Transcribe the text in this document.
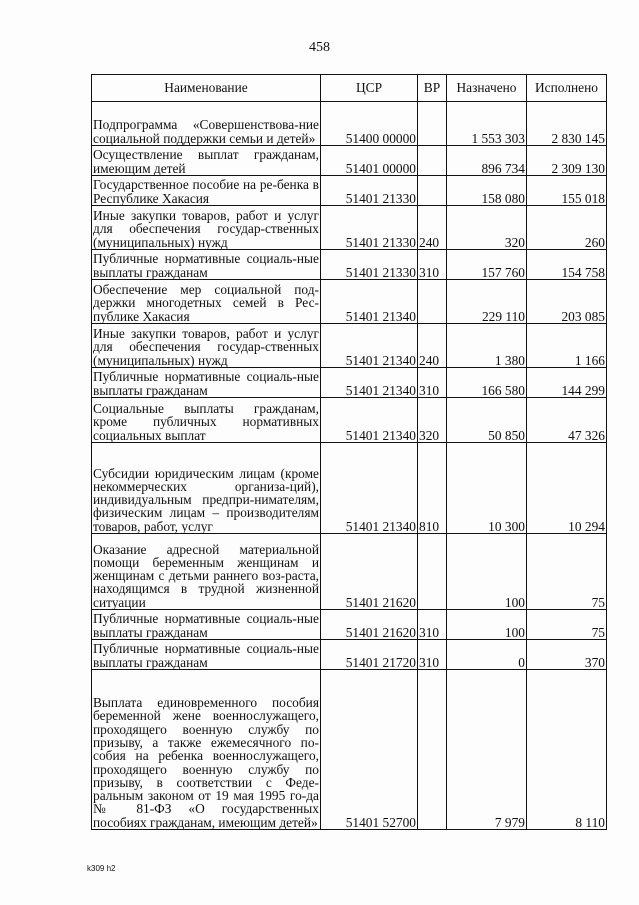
458
Наименование	ЦСР	ВР	Назначено	Исполнено
Подпрограмма «Совершенствова-ние социальной поддержки семьи и детей»	51400 00000		1 553 303	2 830 145
Осуществление выплат гражданам, имеющим детей	51401 00000		896 734	2 309 130
Государственное пособие на ре-бенка в Республике Хакасия	51401 21330		158 080	155 018
Иные закупки товаров, работ и услуг для обеспечения государ-ственных (муниципальных) нужд	51401 21330	240	320	260
Публичные нормативные социаль-ные выплаты гражданам	51401 21330	310	157 760	154 758
Обеспечение мер социальной под-держки многодетных семей в Рес-публике Хакасия	51401 21340		229 110	203 085
Иные закупки товаров, работ и услуг для обеспечения государ-ственных (муниципальных) нужд	51401 21340	240	1 380	1 166
Публичные нормативные социаль-ные выплаты гражданам	51401 21340	310	166 580	144 299
Социальные выплаты гражданам, кроме публичных нормативных социальных выплат	51401 21340	320	50 850	47 326
Субсидии юридическим лицам (кроме некоммерческих организа-ций), индивидуальным предпри-нимателям, физическим лицам – производителям товаров, работ, услуг	51401 21340	810	10 300	10 294
Оказание адресной материальной помощи беременным женщинам и женщинам с детьми раннего воз-раста, находящимся в трудной жизненной ситуации	51401 21620		100	75
Публичные нормативные социаль-ные выплаты гражданам	51401 21620	310	100	75
Публичные нормативные социаль-ные выплаты гражданам	51401 21720	310	0	370
Выплата единовременного пособия беременной жене военнослужащего, проходящего военную службу по призыву, а также ежемесячного по-собия на ребенка военнослужащего, проходящего военную службу по призыву, в соответствии с Феде-ральным законом от 19 мая 1995 го-да № 81-ФЗ «О государственных пособиях гражданам, имеющим детей»	51401 52700		7 979	8 110
k309 h2
